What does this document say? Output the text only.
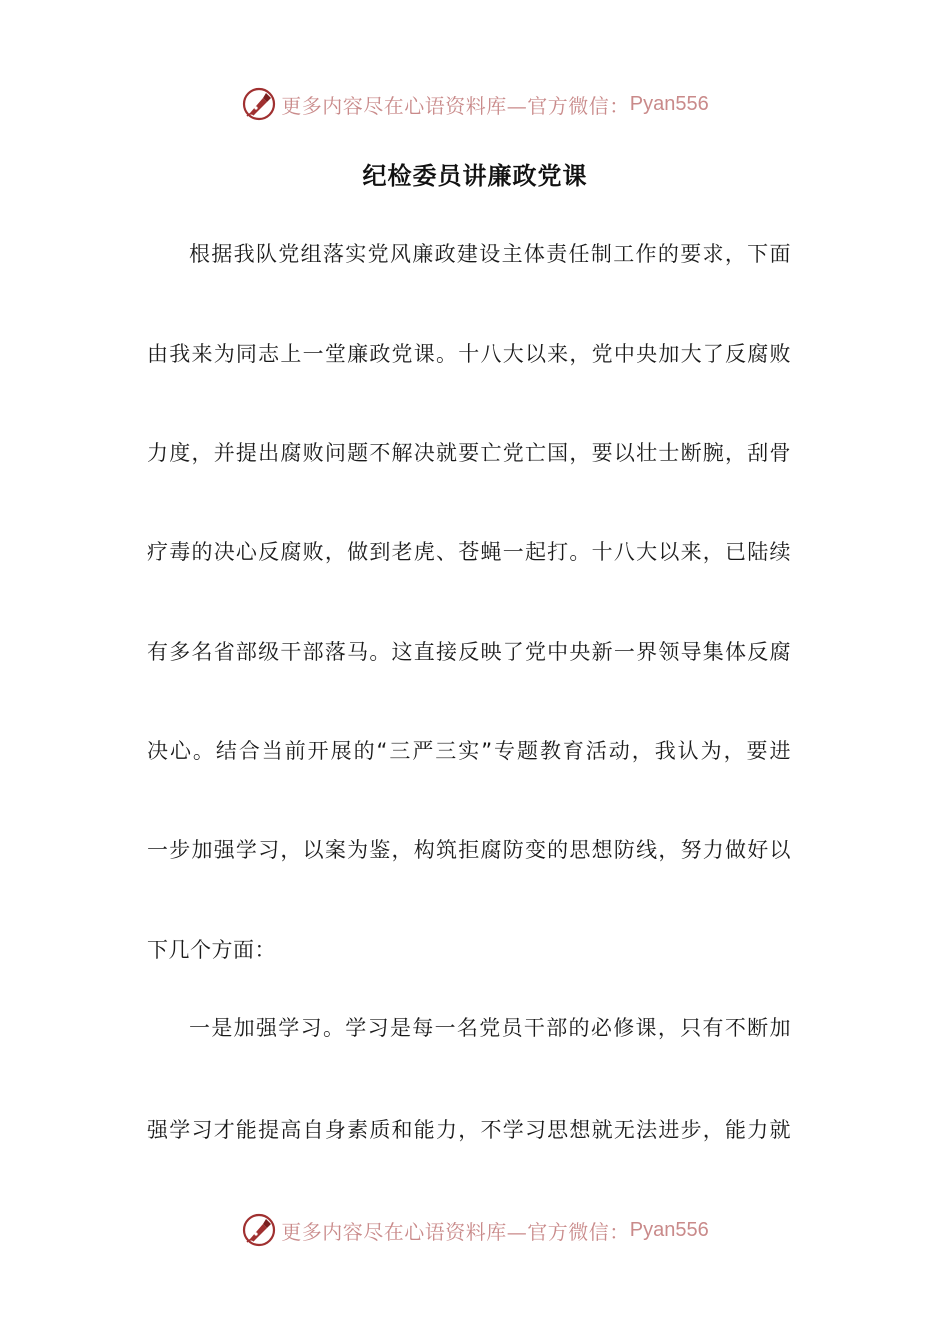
更多内容尽在心语资料库—官方微信： Pyan556
纪检委员讲廉政党课
根据我队党组落实党风廉政建设主体责任制工作的要求，下面
由我来为同志上一堂廉政党课。十八大以来，党中央加大了反腐败
力度，并提出腐败问题不解决就要亡党亡国，要以壮士断腕，刮骨
疗毒的决心反腐败，做到老虎、苍蝇一起打。十八大以来，已陆续
有多名省部级干部落马。这直接反映了党中央新一界领导集体反腐
决心。结合当前开展的“三严三实”专题教育活动，我认为，要进
一步加强学习，以案为鉴，构筑拒腐防变的思想防线，努力做好以
下几个方面：
一是加强学习。学习是每一名党员干部的必修课，只有不断加
强学习才能提高自身素质和能力，不学习思想就无法进步，能力就
更多内容尽在心语资料库—官方微信： Pyan556
